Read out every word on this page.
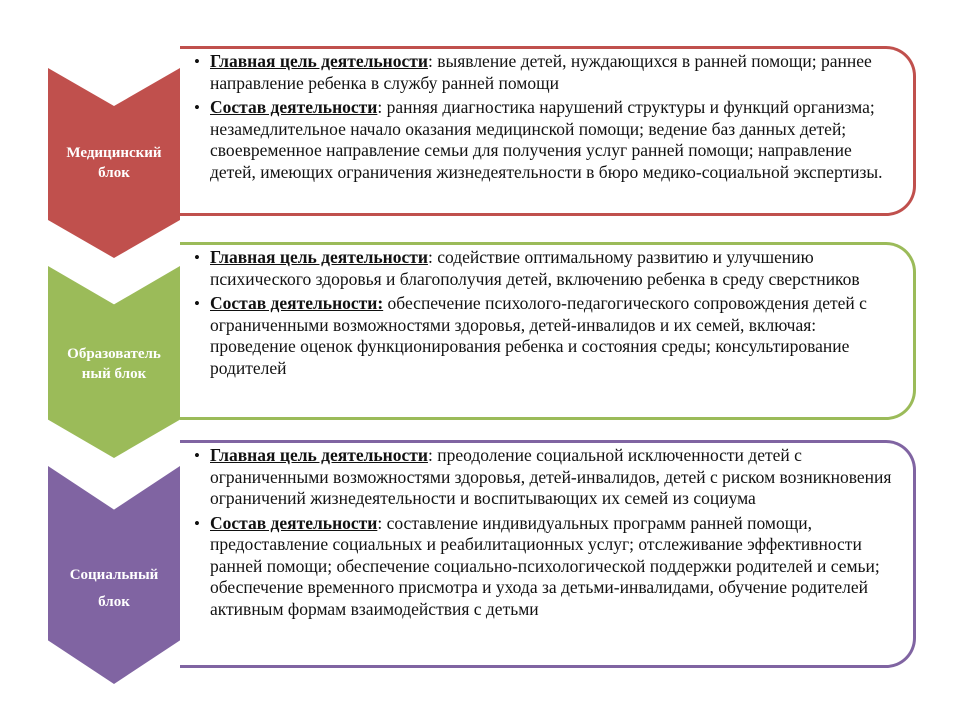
Медицинский
блок
• Главная цель деятельности: выявление детей, нуждающихся в ранней помощи; раннее направление ребенка в службу ранней помощи
• Состав деятельности: ранняя диагностика нарушений структуры и функций организма; незамедлительное начало оказания медицинской помощи; ведение баз данных детей; своевременное направление семьи для получения услуг ранней помощи; направление детей, имеющих ограничения жизнедеятельности в бюро медико-социальной экспертизы.
Образователь
ный блок
• Главная цель деятельности: содействие оптимальному развитию и улучшению психического здоровья и благополучия детей, включению ребенка в среду сверстников
• Состав деятельности: обеспечение психолого-педагогического сопровождения детей с ограниченными возможностями здоровья, детей-инвалидов и их семей, включая: проведение оценок функционирования ребенка и состояния среды; консультирование родителей
Социальный
блок
• Главная цель деятельности: преодоление социальной исключенности детей с ограниченными возможностями здоровья, детей-инвалидов, детей с риском возникновения ограничений жизнедеятельности и воспитывающих их семей из социума
• Состав деятельности: составление индивидуальных программ ранней помощи, предоставление социальных и реабилитационных услуг; отслеживание эффективности ранней помощи; обеспечение социально-психологической поддержки родителей и семьи; обеспечение временного присмотра и ухода за детьми-инвалидами, обучение родителей активным формам взаимодействия с детьми
